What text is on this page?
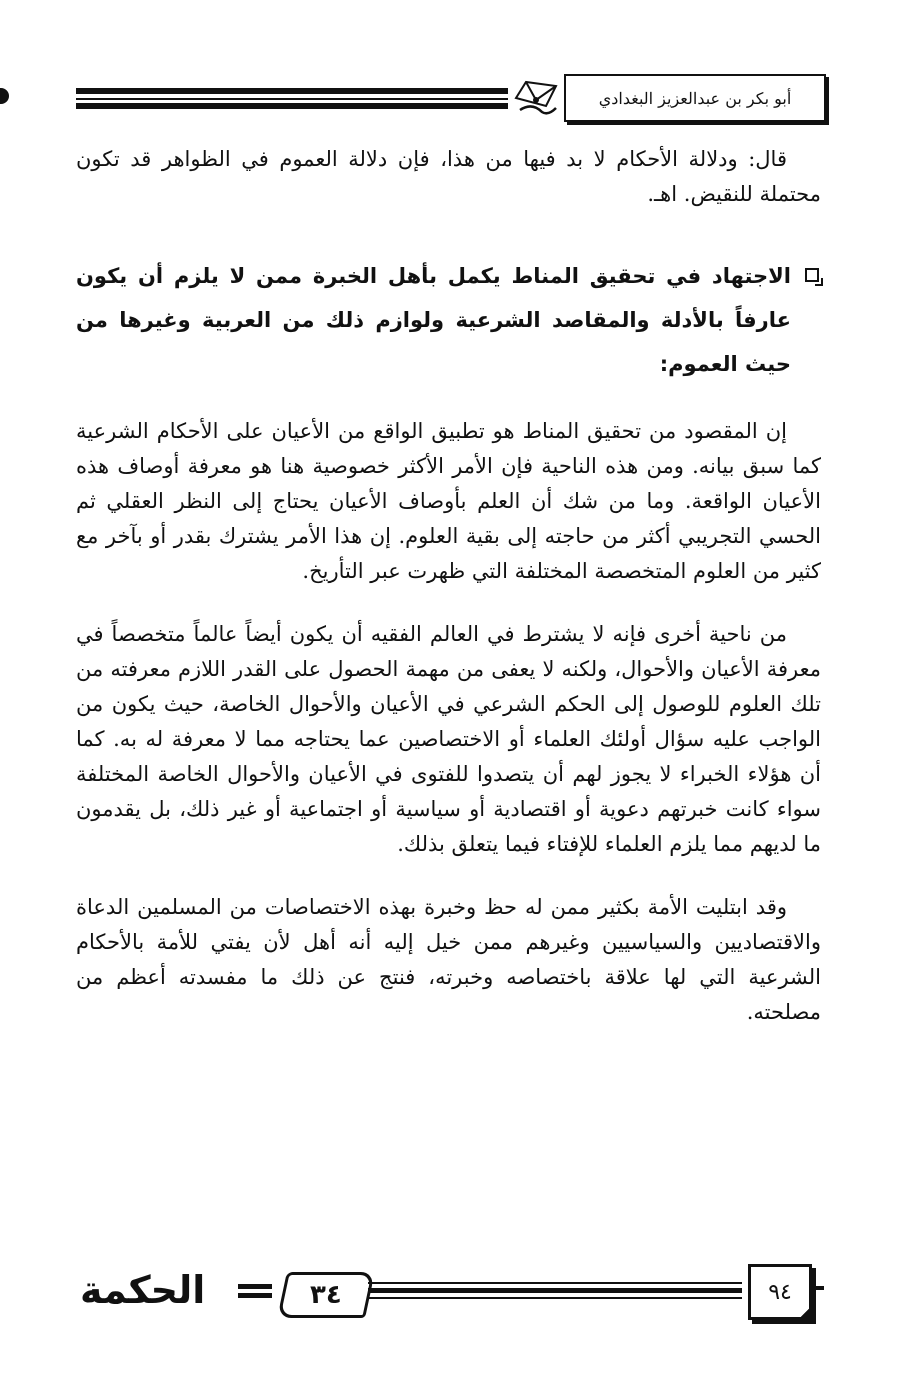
أبو بكر بن عبدالعزيز البغدادي

قال: ودلالة الأحكام لا بد فيها من هذا، فإن دلالة العموم في الظواهر قد تكون محتملة للنقيض. اهـ.

الاجتهاد في تحقيق المناط يكمل بأهل الخبرة ممن لا يلزم أن يكون عارفاً بالأدلة والمقاصد الشرعية ولوازم ذلك من العربية وغيرها من حيث العموم:

إن المقصود من تحقيق المناط هو تطبيق الواقع من الأعيان على الأحكام الشرعية كما سبق بيانه. ومن هذه الناحية فإن الأمر الأكثر خصوصية هنا هو معرفة أوصاف هذه الأعيان الواقعة. وما من شك أن العلم بأوصاف الأعيان يحتاج إلى النظر العقلي ثم الحسي التجريبي أكثر من حاجته إلى بقية العلوم. إن هذا الأمر يشترك بقدر أو بآخر مع كثير من العلوم المتخصصة المختلفة التي ظهرت عبر التأريخ.

من ناحية أخرى فإنه لا يشترط في العالم الفقيه أن يكون أيضاً عالماً متخصصاً في معرفة الأعيان والأحوال، ولكنه لا يعفى من مهمة الحصول على القدر اللازم معرفته من تلك العلوم للوصول إلى الحكم الشرعي في الأعيان والأحوال الخاصة، حيث يكون من الواجب عليه سؤال أولئك العلماء أو الاختصاصين عما يحتاجه مما لا معرفة له به. كما أن هؤلاء الخبراء لا يجوز لهم أن يتصدوا للفتوى في الأعيان والأحوال الخاصة المختلفة سواء كانت خبرتهم دعوية أو اقتصادية أو سياسية أو اجتماعية أو غير ذلك، بل يقدمون ما لديهم مما يلزم العلماء للإفتاء فيما يتعلق بذلك.

وقد ابتليت الأمة بكثير ممن له حظ وخبرة بهذه الاختصاصات من المسلمين الدعاة والاقتصاديين والسياسيين وغيرهم ممن خيل إليه أنه أهل لأن يفتي للأمة بالأحكام الشرعية التي لها علاقة باختصاصه وخبرته، فنتج عن ذلك ما مفسدته أعظم من مصلحته.

الحكمة	٣٤	٩٤
